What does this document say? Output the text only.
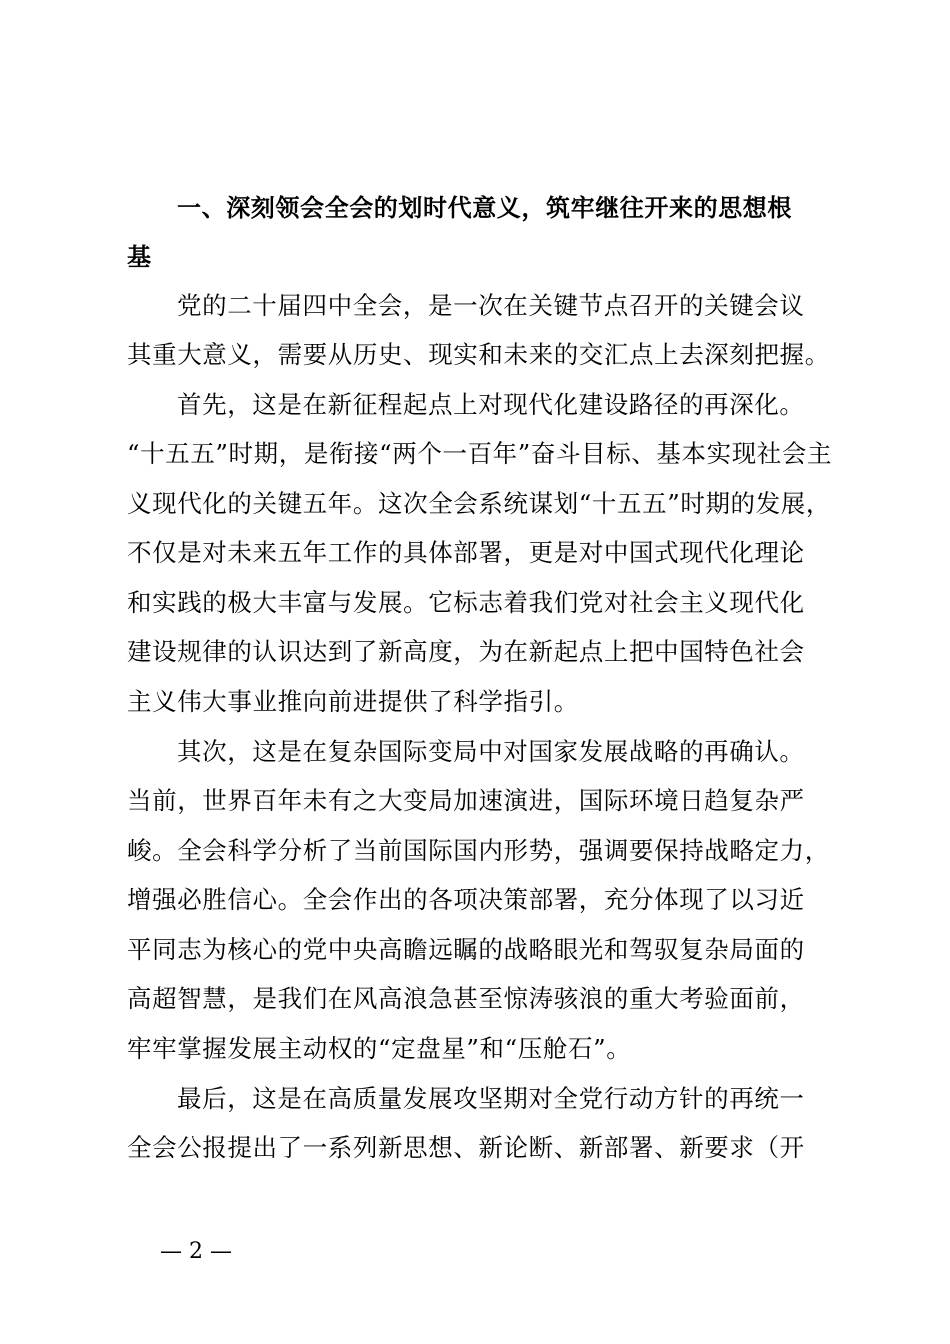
一、深刻领会全会的划时代意义，筑牢继往开来的思想根
基
党的二十届四中全会，是一次在关键节点召开的关键会议
其重大意义，需要从历史、现实和未来的交汇点上去深刻把握。
首先，这是在新征程起点上对现代化建设路径的再深化。
“十五五”时期，是衔接“两个一百年”奋斗目标、基本实现社会主
义现代化的关键五年。这次全会系统谋划“十五五”时期的发展，
不仅是对未来五年工作的具体部署，更是对中国式现代化理论
和实践的极大丰富与发展。它标志着我们党对社会主义现代化
建设规律的认识达到了新高度，为在新起点上把中国特色社会
主义伟大事业推向前进提供了科学指引。
其次，这是在复杂国际变局中对国家发展战略的再确认。
当前，世界百年未有之大变局加速演进，国际环境日趋复杂严
峻。全会科学分析了当前国际国内形势，强调要保持战略定力，
增强必胜信心。全会作出的各项决策部署，充分体现了以习近
平同志为核心的党中央高瞻远瞩的战略眼光和驾驭复杂局面的
高超智慧，是我们在风高浪急甚至惊涛骇浪的重大考验面前，
牢牢掌握发展主动权的“定盘星”和“压舱石”。
最后，这是在高质量发展攻坚期对全党行动方针的再统一
全会公报提出了一系列新思想、新论断、新部署、新要求（开
— 2 —
